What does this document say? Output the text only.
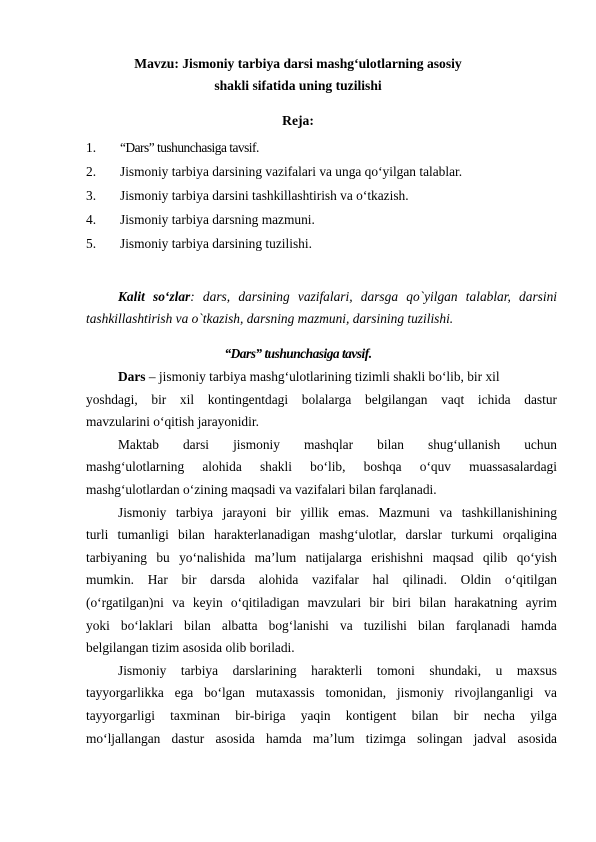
Mavzu: Jismoniy tarbiya darsi mashg‘ulotlarning asosiy
shakli sifatida uning tuzilishi
Reja:
1.	“Dars” tushunchasiga tavsif.
2.	Jismoniy tarbiya darsining vazifalari va unga qo‘yilgan talablar.
3.	Jismoniy tarbiya darsini tashkillashtirish va o‘tkazish.
4.	Jismoniy tarbiya darsning mazmuni.
5.	Jismoniy tarbiya darsining tuzilishi.
Kalit so‘zlar: dars, darsining vazifalari, darsga qo`yilgan talablar, darsini tashkillashtirish va o`tkazish, darsning mazmuni, darsining tuzilishi.
“Dars” tushunchasiga tavsif.
Dars – jismoniy tarbiya mashg‘ulotlarining tizimli shakli bo‘lib, bir xil
yoshdagi, bir xil kontingentdagi bolalarga belgilangan vaqt ichida dastur
mavzularini o‘qitish jarayonidir.
Maktab darsi jismoniy mashqlar bilan shug‘ullanish uchun
mashg‘ulotlarning alohida shakli bo‘lib, boshqa o‘quv muassasalardagi
mashg‘ulotlardan o‘zining maqsadi va vazifalari bilan farqlanadi.
Jismoniy tarbiya jarayoni bir yillik emas. Mazmuni va tashkillanishining
turli tumanligi bilan harakterlanadigan mashg‘ulotlar, darslar turkumi orqaligina
tarbiyaning bu yo‘nalishida ma’lum natijalarga erishishni maqsad qilib qo‘yish
mumkin. Har bir darsda alohida vazifalar hal qilinadi. Oldin o‘qitilgan
(o‘rgatilgan)ni va keyin o‘qitiladigan mavzulari bir biri bilan harakatning ayrim
yoki bo‘laklari bilan albatta bog‘lanishi va tuzilishi bilan farqlanadi hamda
belgilangan tizim asosida olib boriladi.
Jismoniy tarbiya darslarining harakterli tomoni shundaki, u maxsus
tayyorgarlikka ega bo‘lgan mutaxassis tomonidan, jismoniy rivojlanganligi va
tayyorgarligi taxminan bir-biriga yaqin kontigent bilan bir necha yilga
mo‘ljallangan dastur asosida hamda ma’lum tizimga solingan jadval asosida
